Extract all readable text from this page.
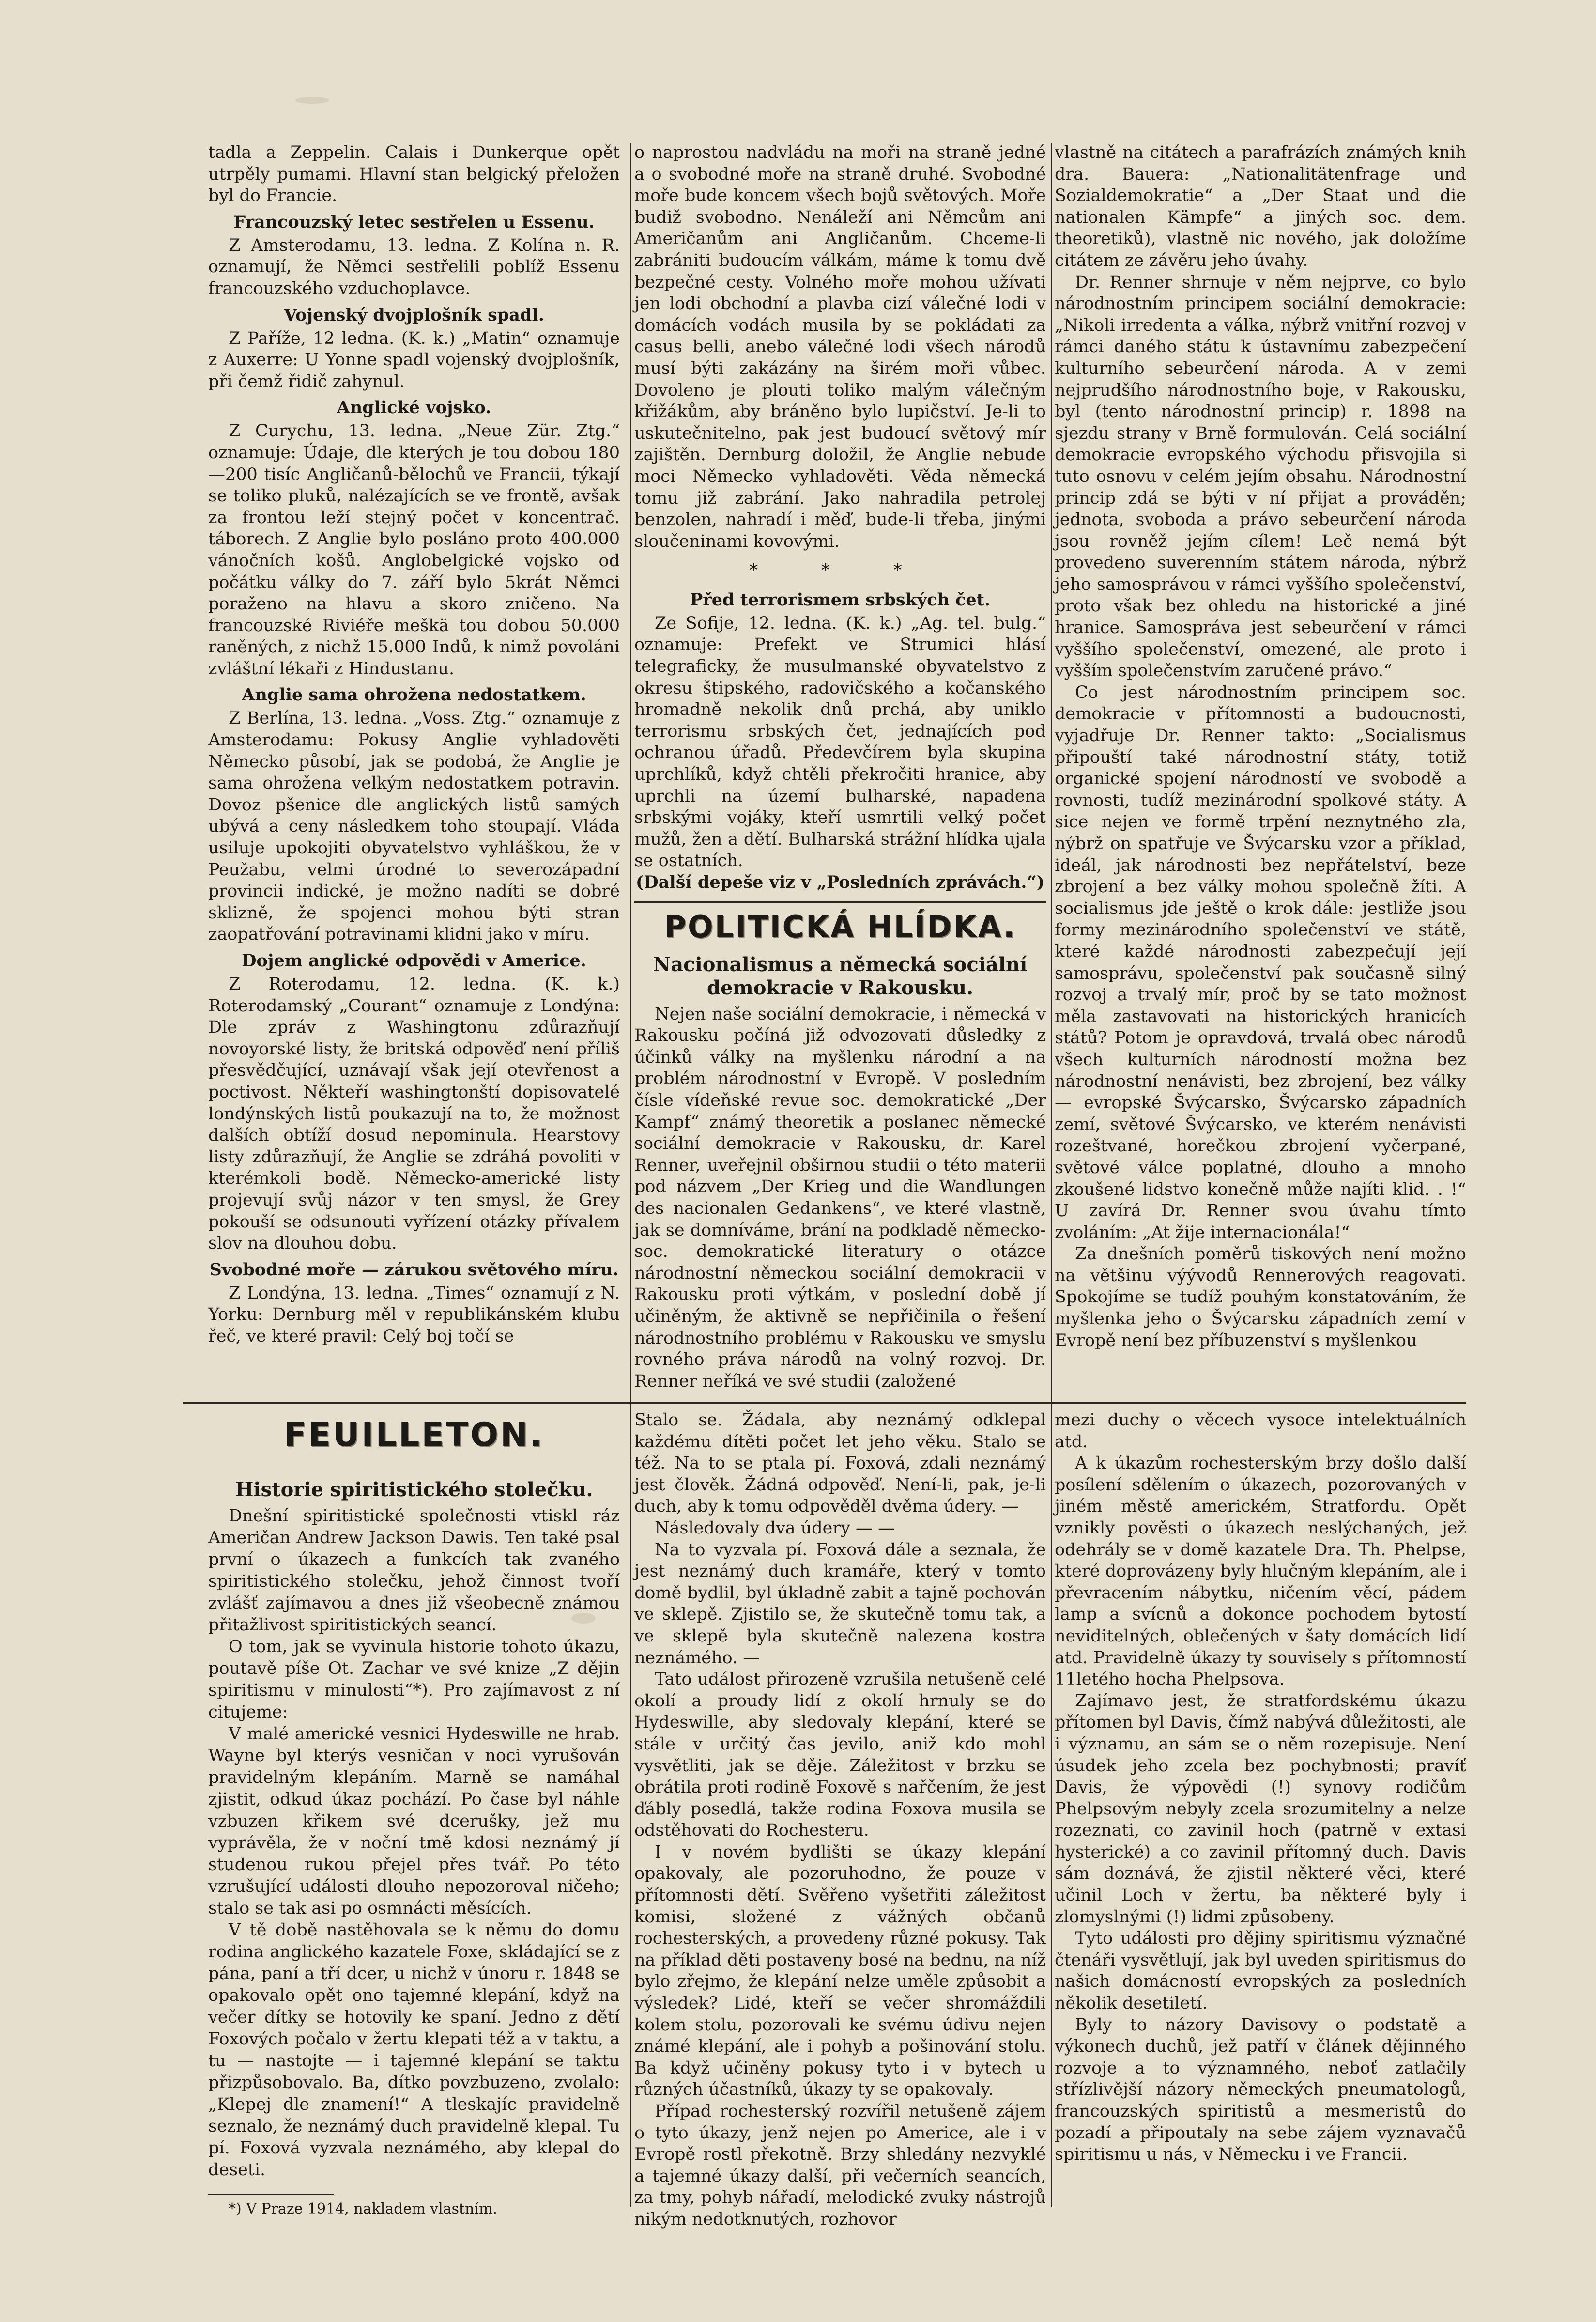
tadla a Zeppelin. Calais i Dunkerque opět utrpěly pumami. Hlavní stan belgický přeložen byl do Francie.

Francouzský letec sestřelen u Essenu.

Z Amsterodamu, 13. ledna. Z Kolína n. R. oznamují, že Němci sestřelili poblíž Essenu francouzského vzduchoplavce.

Vojenský dvojplošník spadl.

Z Paříže, 12 ledna. (K. k.) „Matin“ oznamuje z Auxerre: U Yonne spadl vojenský dvojplošník, při čemž řidič zahynul.

Anglické vojsko.

Z Curychu, 13. ledna. „Neue Zür. Ztg.“ oznamuje: Údaje, dle kterých je tou dobou 180—200 tisíc Angličanů-bělochů ve Francii, týkají se toliko pluků, nalézajících se ve frontě, avšak za frontou leží stejný počet v koncentrač. táborech. Z Anglie bylo posláno proto 400.000 vánočních košů. Anglobelgické vojsko od počátku války do 7. září bylo 5krát Němci poraženo na hlavu a skoro zničeno. Na francouzské Riviéře meškä tou dobou 50.000 raněných, z nichž 15.000 Indů, k nimž povoláni zvláštní lékaři z Hindustanu.

Anglie sama ohrožena nedostatkem.

Z Berlína, 13. ledna. „Voss. Ztg.“ oznamuje z Amsterodamu: Pokusy Anglie vyhladověti Německo působí, jak se podobá, že Anglie je sama ohrožena velkým nedostatkem potravin. Dovoz pšenice dle anglických listů samých ubývá a ceny následkem toho stoupají. Vláda usiluje upokojiti obyvatelstvo vyhláškou, že v Peužabu, velmi úrodné to severozápadní provincii indické, je možno nadíti se dobré sklizně, že spojenci mohou býti stran zaopatřování potravinami klidni jako v míru.

Dojem anglické odpovědi v Americe.

Z Roterodamu, 12. ledna. (K. k.) Roterodamský „Courant“ oznamuje z Londýna: Dle zpráv z Washingtonu zdůrazňují novoyorské listy, že britská odpověď není příliš přesvědčující, uznávají však její otevřenost a poctivost. Někteří washingtonští dopisovatelé londýnských listů poukazují na to, že možnost dalších obtíží dosud nepominula. Hearstovy listy zdůrazňují, že Anglie se zdráhá povoliti v kterémkoli bodě. Německo-americké listy projevují svůj názor v ten smysl, že Grey pokouší se odsunouti vyřízení otázky přívalem slov na dlouhou dobu.

Svobodné moře — zárukou světového míru.

Z Londýna, 13. ledna. „Times“ oznamují z N. Yorku: Dernburg měl v republikánském klubu řeč, ve které pravil: Celý boj točí se

o naprostou nadvládu na moři na straně jedné a o svobodné moře na straně druhé. Svobodné moře bude koncem všech bojů světových. Moře budiž svobodno. Nenáleží ani Němcům ani Američanům ani Angličanům. Chceme-li zabrániti budoucím válkám, máme k tomu dvě bezpečné cesty. Volného moře mohou užívati jen lodi obchodní a plavba cizí válečné lodi v domácích vodách musila by se pokládati za casus belli, anebo válečné lodi všech národů musí býti zakázány na širém moři vůbec. Dovoleno je plouti toliko malým válečným křižákům, aby bráněno bylo lupičství. Je-li to uskutečnitelno, pak jest budoucí světový mír zajištěn. Dernburg doložil, že Anglie nebude moci Německo vyhladověti. Věda německá tomu již zabrání. Jako nahradila petrolej benzolen, nahradí i měď, bude-li třeba, jinými sloučeninami kovovými.

* * *
Před terrorismem srbských čet.

Ze Sofije, 12. ledna. (K. k.) „Ag. tel. bulg.“ oznamuje: Prefekt ve Strumici hlásí telegraficky, že musulmanské obyvatelstvo z okresu štipského, radovičského a kočanského hromadně nekolik dnů prchá, aby uniklo terrorismu srbských čet, jednajících pod ochranou úřadů. Předevčírem byla skupina uprchlíků, když chtěli překročiti hranice, aby uprchli na území bulharské, napadena srbskými vojáky, kteří usmrtili velký počet mužů, žen a dětí. Bulharská strážní hlídka ujala se ostatních.

(Další depeše viz v „Posledních zprávách.“)

POLITICKÁ HLÍDKA.
Nacionalismus a německá sociální demokracie v Rakousku.

Nejen naše sociální demokracie, i německá v Rakousku počíná již odvozovati důsledky z účinků války na myšlenku národní a na problém národnostní v Evropě. V posledním čísle vídeňské revue soc. demokratické „Der Kampf“ známý theoretik a poslanec německé sociální demokracie v Rakousku, dr. Karel Renner, uveřejnil obširnou studii o této materii pod názvem „Der Krieg und die Wandlungen des nacionalen Gedankens“, ve které vlastně, jak se domníváme, brání na podkladě německo-soc. demokratické literatury o otázce národnostní německou sociální demokracii v Rakousku proti výtkám, v poslední době jí učiněným, že aktivně se nepřičinila o řešení národnostního problému v Rakousku ve smyslu rovného práva národů na volný rozvoj. Dr. Renner neříká ve své studii (založené

vlastně na citátech a parafrázích známých knih dra. Bauera: „Nationalitätenfrage und Sozialdemokratie“ a „Der Staat und die nationalen Kämpfe“ a jiných soc. dem. theoretiků), vlastně nic nového, jak doložíme citátem ze závěru jeho úvahy.

Dr. Renner shrnuje v něm nejprve, co bylo národnostním principem sociální demokracie: „Nikoli irredenta a válka, nýbrž vnitřní rozvoj v rámci daného státu k ústavnímu zabezpečení kulturního sebeurčení národa. A v zemi nejprudšího národnostního boje, v Rakousku, byl (tento národnostní princip) r. 1898 na sjezdu strany v Brně formulován. Celá sociální demokracie evropského východu přisvojila si tuto osnovu v celém jejím obsahu. Národnostní princip zdá se býti v ní přijat a prováděn; jednota, svoboda a právo sebeurčení národa jsou rovněž jejím cílem! Leč nemá být provedeno suverenním státem národa, nýbrž jeho samosprávou v rámci vyššího společenství, proto však bez ohledu na historické a jiné hranice. Samospráva jest sebeurčení v rámci vyššího společenství, omezené, ale proto i vyšším společenstvím zaručené právo.“

Co jest národnostním principem soc. demokracie v přítomnosti a budoucnosti, vyjadřuje Dr. Renner takto: „Socialismus připouští také národnostní státy, totiž organické spojení národností ve svobodě a rovnosti, tudíž mezinárodní spolkové státy. A sice nejen ve formě trpění neznytného zla, nýbrž on spatřuje ve Švýcarsku vzor a příklad, ideál, jak národnosti bez nepřátelství, beze zbrojení a bez války mohou společně žíti. A socialismus jde ještě o krok dále: jestliže jsou formy mezinárodního společenství ve státě, které každé národnosti zabezpečují její samosprávu, společenství pak současně silný rozvoj a trvalý mír, proč by se tato možnost měla zastavovati na historických hranicích států? Potom je opravdová, trvalá obec národů všech kulturních národností možna bez národnostní nenávisti, bez zbrojení, bez války — evropské Švýcarsko, Švýcarsko západních zemí, světové Švýcarsko, ve kterém nenávisti rozeštvané, horečkou zbrojení vyčerpané, světové válce poplatné, dlouho a mnoho zkoušené lidstvo konečně může najíti klid. . !“ U zavírá Dr. Renner svou úvahu tímto zvoláním: „At žije internacionála!“

Za dnešních poměrů tiskových není možno na většinu výývodů Rennerových reagovati. Spokojíme se tudíž pouhým konstatováním, že myšlenka jeho o Švýcarsku západních zemí v Evropě není bez příbuzenství s myšlenkou

FEUILLETON.
Historie spiritistického stolečku.

Dnešní spiritistické společnosti vtiskl ráz Američan Andrew Jackson Dawis. Ten také psal první o úkazech a funkcích tak zvaného spiritistického stolečku, jehož činnost tvoří zvlášť zajímavou a dnes již všeobecně známou přitažlivost spiritistických seancí.

O tom, jak se vyvinula historie tohoto úkazu, poutavě píše Ot. Zachar ve své knize „Z dějin spiritismu v minulosti“*). Pro zajímavost z ní citujeme:

V malé americké vesnici Hydeswille ne hrab. Wayne byl kterýs vesničan v noci vyrušován pravidelným klepáním. Marně se namáhal zjistit, odkud úkaz pochází. Po čase byl náhle vzbuzen křikem své dcerušky, jež mu vyprávěla, že v noční tmě kdosi neznámý jí studenou rukou přejel přes tvář. Po této vzrušující události dlouho nepozoroval ničeho; stalo se tak asi po osmnácti měsících.

V tě době nastěhovala se k němu do domu rodina anglického kazatele Foxe, skládající se z pána, paní a tří dcer, u nichž v únoru r. 1848 se opakovalo opět ono tajemné klepání, když na večer dítky se hotovily ke spaní. Jedno z dětí Foxových počalo v žertu klepati též a v taktu, a tu — nastojte — i tajemné klepání se taktu přizpůsobovalo. Ba, dítko povzbuzeno, zvolalo: „Klepej dle znamení!“ A tleskajíc pravidelně seznalo, že neznámý duch pravidelně klepal. Tu pí. Foxová vyzvala neznámého, aby klepal do deseti.

*) V Praze 1914, nakladem vlastním.

Stalo se. Žádala, aby neznámý odklepal každému dítěti počet let jeho věku. Stalo se též. Na to se ptala pí. Foxová, zdali neznámý jest člověk. Žádná odpověď. Není-li, pak, je-li duch, aby k tomu odpověděl dvěma údery. —

Následovaly dva údery — —

Na to vyzvala pí. Foxová dále a seznala, že jest neznámý duch kramáře, který v tomto domě bydlil, byl úkladně zabit a tajně pochován ve sklepě. Zjistilo se, že skutečně tomu tak, a ve sklepě byla skutečně nalezena kostra neznámého. —

Tato událost přirozeně vzrušila netušeně celé okolí a proudy lidí z okolí hrnuly se do Hydeswille, aby sledovaly klepání, které se stále v určitý čas jevilo, aniž kdo mohl vysvětliti, jak se děje. Záležitost v brzku se obrátila proti rodině Foxově s nařčením, že jest ďábly posedlá, takže rodina Foxova musila se odstěhovati do Rochesteru.

I v novém bydlišti se úkazy klepání opakovaly, ale pozoruhodno, že pouze v přítomnosti dětí. Svěřeno vyšetřiti záležitost komisi, složené z vážných občanů rochesterských, a provedeny různé pokusy. Tak na příklad děti postaveny bosé na bednu, na níž bylo zřejmo, že klepání nelze uměle způsobit a výsledek? Lidé, kteří se večer shromáždili kolem stolu, pozorovali ke svému údivu nejen známé klepání, ale i pohyb a pošinování stolu. Ba když učiněny pokusy tyto i v bytech u různých účastníků, úkazy ty se opakovaly.

Případ rochesterský rozvířil netušeně zájem o tyto úkazy, jenž nejen po Americe, ale i v Evropě rostl překotně. Brzy shledány nezvyklé a tajemné úkazy další, při večerních seancích, za tmy, pohyb nářadí, melodické zvuky nástrojů nikým nedotknutých, rozhovor

mezi duchy o věcech vysoce intelektuálních atd.

A k úkazům rochesterským brzy došlo další posílení sdělením o úkazech, pozorovaných v jiném městě americkém, Stratfordu. Opět vznikly pověsti o úkazech neslýchaných, jež odehrály se v domě kazatele Dra. Th. Phelpse, které doprovázeny byly hlučným klepáním, ale i převracením nábytku, ničením věcí, pádem lamp a svícnů a dokonce pochodem bytostí neviditelných, oblečených v šaty domácích lidí atd. Pravidelně úkazy ty souvisely s přítomností 11letého hocha Phelpsova.

Zajímavo jest, že stratfordskému úkazu přítomen byl Davis, čímž nabývá důležitosti, ale i významu, an sám se o něm rozepisuje. Není úsudek jeho zcela bez pochybnosti; pravíť Davis, že výpovědi (!) synovy rodičům Phelpsovým nebyly zcela srozumitelny a nelze rozeznati, co zavinil hoch (patrně v extasi hysterické) a co zavinil přítomný duch. Davis sám doznává, že zjistil některé věci, které učinil Loch v žertu, ba některé byly i zlomyslnými (!) lidmi způsobeny.

Tyto události pro dějiny spiritismu význačné čtenáři vysvětlují, jak byl uveden spiritismus do našich domácností evropských za posledních několik desetiletí.

Byly to názory Davisovy o podstatě a výkonech duchů, jež patří v článek dějinného rozvoje a to významného, neboť zatlačily střízlivější názory německých pneumatologů, francouzských spiritistů a mesmeristů do pozadí a připoutaly na sebe zájem vyznavačů spiritismu u nás, v Německu i ve Francii.
